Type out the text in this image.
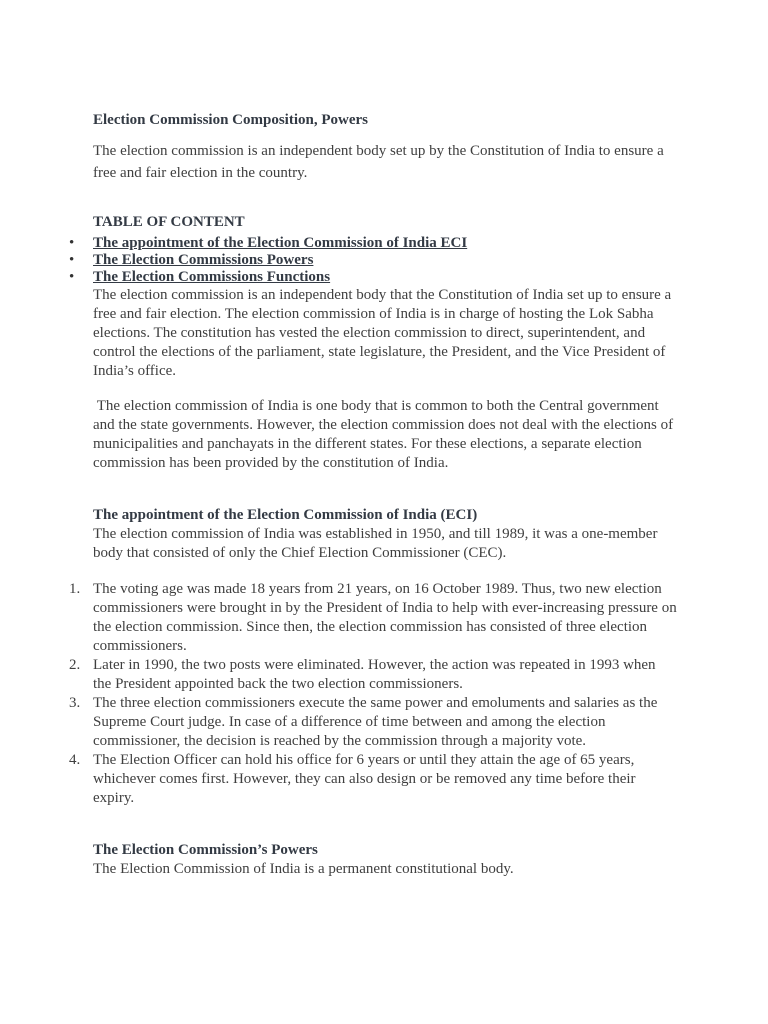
Election Commission Composition, Powers

The election commission is an independent body set up by the Constitution of India to ensure a free and fair election in the country.

TABLE OF CONTENT
• The appointment of the Election Commission of India ECI
• The Election Commissions Powers
• The Election Commissions Functions

The election commission is an independent body that the Constitution of India set up to ensure a free and fair election. The election commission of India is in charge of hosting the Lok Sabha elections. The constitution has vested the election commission to direct, superintendent, and control the elections of the parliament, state legislature, the President, and the Vice President of India’s office.

The election commission of India is one body that is common to both the Central government and the state governments. However, the election commission does not deal with the elections of municipalities and panchayats in the different states. For these elections, a separate election commission has been provided by the constitution of India.

The appointment of the Election Commission of India (ECI)

The election commission of India was established in 1950, and till 1989, it was a one-member body that consisted of only the Chief Election Commissioner (CEC).

1. The voting age was made 18 years from 21 years, on 16 October 1989. Thus, two new election commissioners were brought in by the President of India to help with ever-increasing pressure on the election commission. Since then, the election commission has consisted of three election commissioners.
2. Later in 1990, the two posts were eliminated. However, the action was repeated in 1993 when the President appointed back the two election commissioners.
3. The three election commissioners execute the same power and emoluments and salaries as the Supreme Court judge. In case of a difference of time between and among the election commissioner, the decision is reached by the commission through a majority vote.
4. The Election Officer can hold his office for 6 years or until they attain the age of 65 years, whichever comes first. However, they can also design or be removed any time before their expiry.
The Election Commission’s Powers

The Election Commission of India is a permanent constitutional body.
